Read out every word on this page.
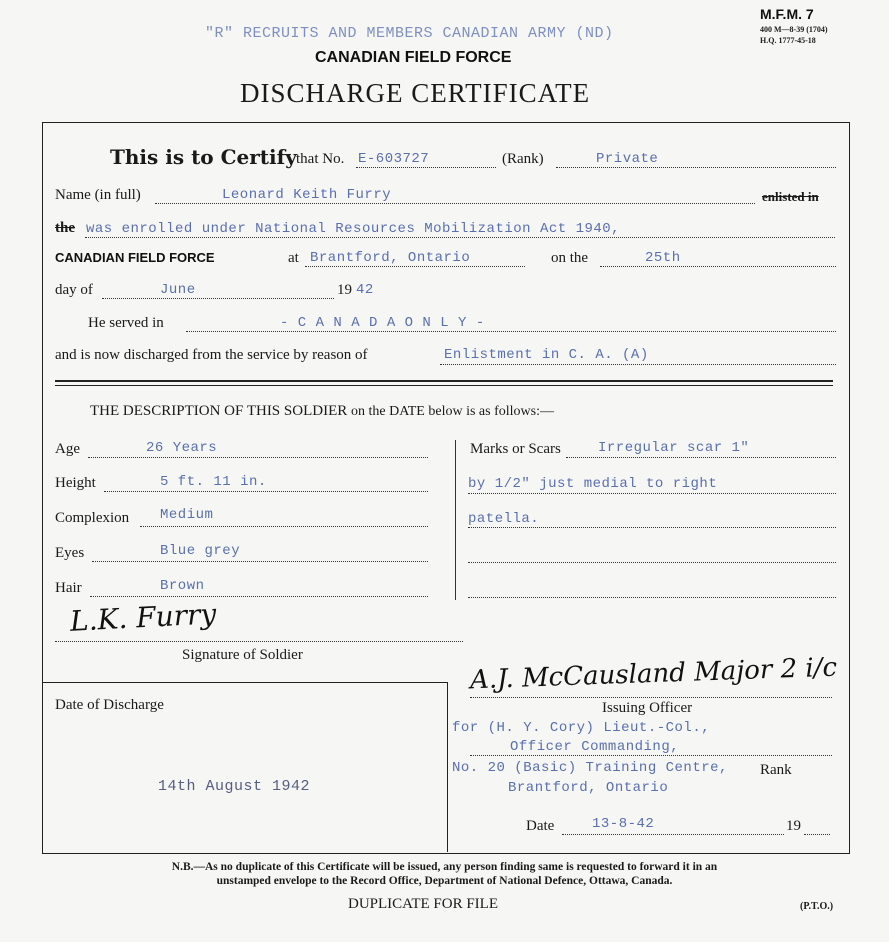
M.F.M. 7
400 M—8-39 (1704)
H.Q. 1777-45-18
"R" RECRUITS AND MEMBERS CANADIAN ARMY (ND)
CANADIAN FIELD FORCE
DISCHARGE CERTIFICATE
This is to Certify that No. E-603727	(Rank)	Private
Name (in full)	Leonard Keith Furry	enlisted in
the was enrolled under National Resources Mobilization Act 1940,
CANADIAN FIELD FORCE	at Brantford, Ontario	on the	25th
day of	June	19 42
He served in	- C A N A D A O N L Y -
and is now discharged from the service by reason of	Enlistment in C. A. (A)
THE DESCRIPTION OF THIS SOLDIER on the DATE below is as follows:—
Age	26 Years
Height	5 ft. 11 in.
Complexion Medium
Eyes	Blue grey
Hair	Brown
Marks or Scars	Irregular scar 1"
by 1/2" just medial to right
patella.
L.K. Furry
Signature of Soldier
Date of Discharge
14th August 1942
A.J. McCausland Major 2 i/c
Issuing Officer
for (H. Y. Cory) Lieut.-Col.,
Officer Commanding,
No. 20 (Basic) Training Centre, Rank
Brantford, Ontario
Date	13-8-42	19
N.B.—As no duplicate of this Certificate will be issued, any person finding same is requested to forward it in an
unstamped envelope to the Record Office, Department of National Defence, Ottawa, Canada.
DUPLICATE FOR FILE	(P.T.O.)
